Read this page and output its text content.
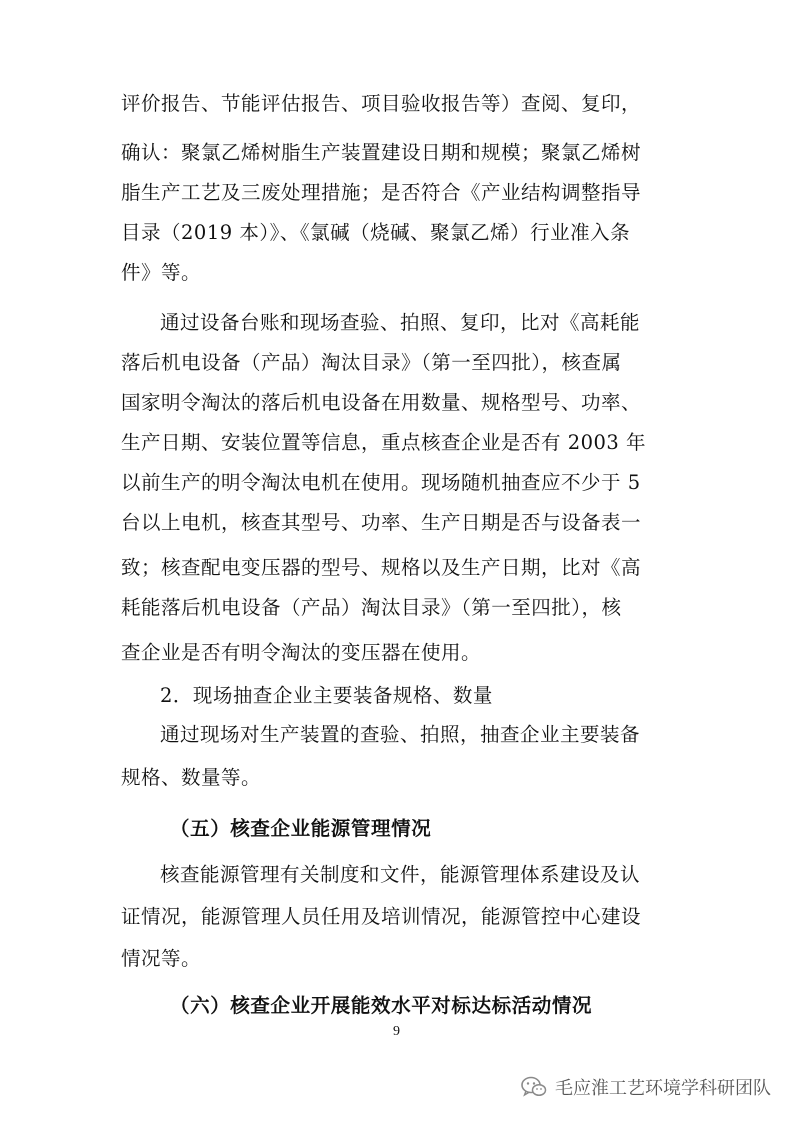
评价报告、节能评估报告、项目验收报告等）查阅、复印，
确认：聚氯乙烯树脂生产装置建设日期和规模；聚氯乙烯树
脂生产工艺及三废处理措施；是否符合《产业结构调整指导
目录（2019 本）》、《氯碱（烧碱、聚氯乙烯）行业准入条
件》等。
通过设备台账和现场查验、拍照、复印，比对《高耗能
落后机电设备（产品）淘汰目录》（第一至四批），核查属
国家明令淘汰的落后机电设备在用数量、规格型号、功率、
生产日期、安装位置等信息，重点核查企业是否有 2003 年
以前生产的明令淘汰电机在使用。现场随机抽查应不少于 5
台以上电机，核查其型号、功率、生产日期是否与设备表一
致；核查配电变压器的型号、规格以及生产日期，比对《高
耗能落后机电设备（产品）淘汰目录》（第一至四批），核
查企业是否有明令淘汰的变压器在使用。
2．现场抽查企业主要装备规格、数量
通过现场对生产装置的查验、拍照，抽查企业主要装备
规格、数量等。
（五）核查企业能源管理情况
核查能源管理有关制度和文件，能源管理体系建设及认
证情况，能源管理人员任用及培训情况，能源管控中心建设
情况等。
（六）核查企业开展能效水平对标达标活动情况
9
毛应淮工艺环境学科研团队
